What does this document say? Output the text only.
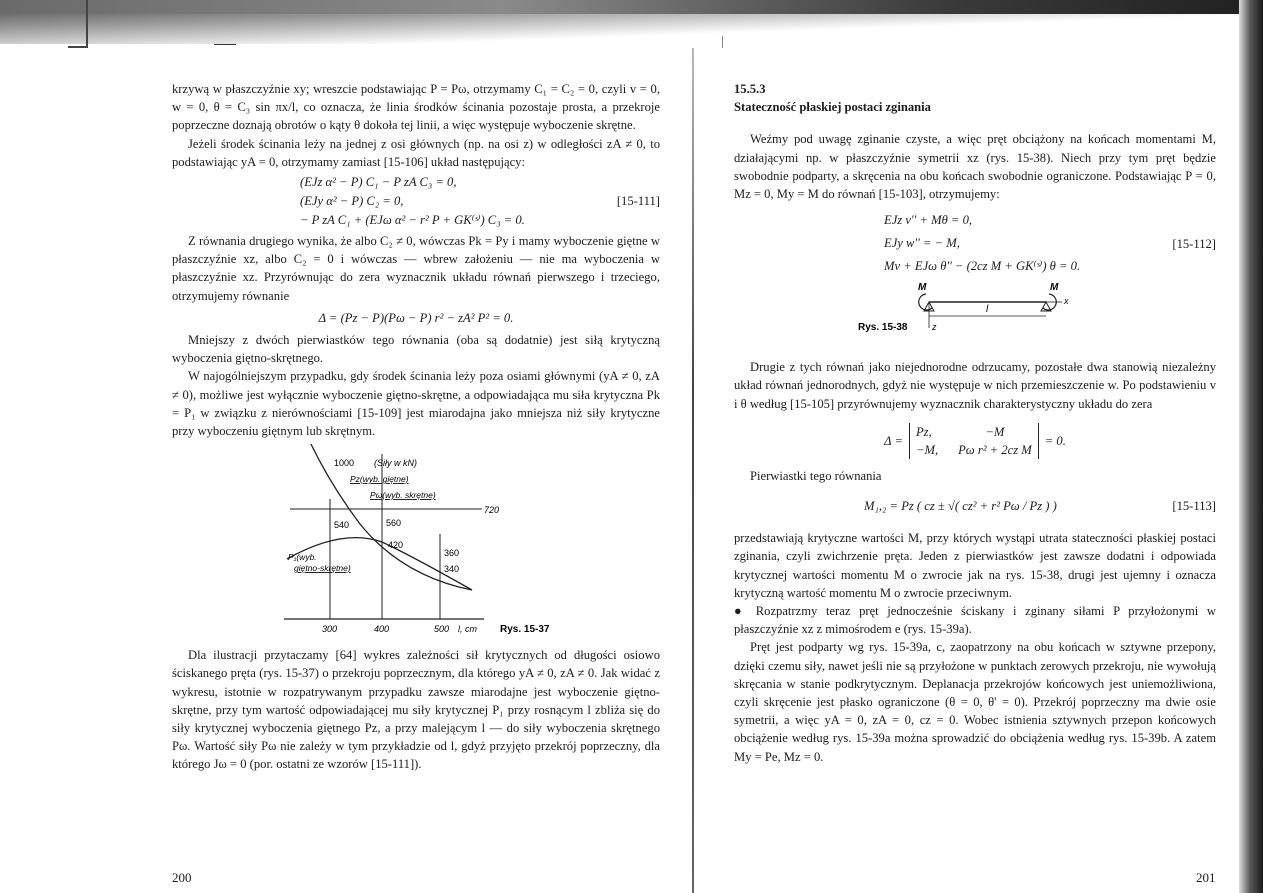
krzywą w płaszczyźnie xy; wreszcie podstawiając P = Pω, otrzymamy C₁ = C₂ = 0, czyli v = 0, w = 0, θ = C₃ sin πx/l, co oznacza, że linia środków ścinania pozostaje prosta, a przekroje poprzeczne doznają obrotów o kąty θ dokoła tej linii, a więc występuje wyboczenie skrętne.

Jeżeli środek ścinania leży na jednej z osi głównych (np. na osi z) w odległości zA ≠ 0, to podstawiając yA = 0, otrzymamy zamiast [15-106] układ następujący:

(EJz α² − P) C₁ − P zA C₃ = 0,
(EJy α² − P) C₂ = 0,
− P zA C₁ + (EJω α² − r² P + GK⁽ˢ⁾) C₃ = 0.
[15-111]

Z równania drugiego wynika, że albo C₂ ≠ 0, wówczas Pk = Py i mamy wyboczenie giętne w płaszczyźnie xz, albo C₂ = 0 i wówczas — wbrew założeniu — nie ma wyboczenia w płaszczyźnie xz. Przyrównując do zera wyznacznik układu równań pierwszego i trzeciego, otrzymujemy równanie

Δ = (Pz − P)(Pω − P) r² − zA² P² = 0.

Mniejszy z dwóch pierwiastków tego równania (oba są dodatnie) jest siłą krytyczną wyboczenia giętno-skrętnego.

W najogólniejszym przypadku, gdy środek ścinania leży poza osiami głównymi (yA ≠ 0, zA ≠ 0), możliwe jest wyłącznie wyboczenie giętno-skrętne, a odpowiadająca mu siła krytyczna Pk = P₁ w związku z nierównościami [15-109] jest miarodajna jako mniejsza niż siły krytyczne przy wyboczeniu giętnym lub skrętnym.

1000 (Siły w kN)
Pz(wyb. giętne)
Pω(wyb. skrętne)
720
540	560
420
360
340
P₁(wyb.
giętno-skrętne)
300	400	500 l, cm Rys. 15-37

Dla ilustracji przytaczamy [64] wykres zależności sił krytycznych od długości osiowo ściskanego pręta (rys. 15-37) o przekroju poprzecznym, dla którego yA ≠ 0, zA ≠ 0. Jak widać z wykresu, istotnie w rozpatrywanym przypadku zawsze miarodajne jest wyboczenie giętno-skrętne, przy tym wartość odpowiadającej mu siły krytycznej P₁ przy rosnącym l zbliża się do siły krytycznej wyboczenia giętnego Pz, a przy malejącym l — do siły wyboczenia skrętnego Pω. Wartość siły Pω nie zależy w tym przykładzie od l, gdyż przyjęto przekrój poprzeczny, dla którego Jω = 0 (por. ostatni ze wzorów [15-111]).

200
15.5.3
Stateczność płaskiej postaci zginania

Weźmy pod uwagę zginanie czyste, a więc pręt obciążony na końcach momentami M, działającymi np. w płaszczyźnie symetrii xz (rys. 15-38). Niech przy tym pręt będzie swobodnie podparty, a skręcenia na obu końcach swobodnie ograniczone. Podstawiając P = 0, Mz = 0, My = M do równań [15-103], otrzymujemy:

EJz v'' + Mθ = 0,
EJy w'' = − M,
Mv + EJω θ'' − (2cz M + GK⁽ˢ⁾) θ = 0.
[15-112]
M	M
l
x
z
Rys. 15-38

Drugie z tych równań jako niejednorodne odrzucamy, pozostałe dwa stanowią niezależny układ równań jednorodnych, gdyż nie występuje w nich przemieszczenie w. Po podstawieniu v i θ według [15-105] przyrównujemy wyznacznik charakterystyczny układu do zera

Δ =
Pz,	−M
−M, Pω r² + 2cz M
= 0.

Pierwiastki tego równania

M₁,₂ = Pz ( cz ± √( cz² + r² Pω / Pz ) )	[15-113]

przedstawiają krytyczne wartości M, przy których wystąpi utrata stateczności płaskiej postaci zginania, czyli zwichrzenie pręta. Jeden z pierwiastków jest zawsze dodatni i odpowiada krytycznej wartości momentu M o zwrocie jak na rys. 15-38, drugi jest ujemny i oznacza krytyczną wartość momentu M o zwrocie przeciwnym.

● Rozpatrzmy teraz pręt jednocześnie ściskany i zginany siłami P przyłożonymi w płaszczyźnie xz z mimośrodem e (rys. 15-39a).

Pręt jest podparty wg rys. 15-39a, c, zaopatrzony na obu końcach w sztywne przepony, dzięki czemu siły, nawet jeśli nie są przyłożone w punktach zerowych przekroju, nie wywołują skręcania w stanie podkrytycznym. Deplanacja przekrojów końcowych jest uniemożliwiona, czyli skręcenie jest płasko ograniczone (θ = 0, θ' = 0). Przekrój poprzeczny ma dwie osie symetrii, a więc yA = 0, zA = 0, cz = 0. Wobec istnienia sztywnych przepon końcowych obciążenie według rys. 15-39a można sprowadzić do obciążenia według rys. 15-39b. A zatem My = Pe, Mz = 0.

201
